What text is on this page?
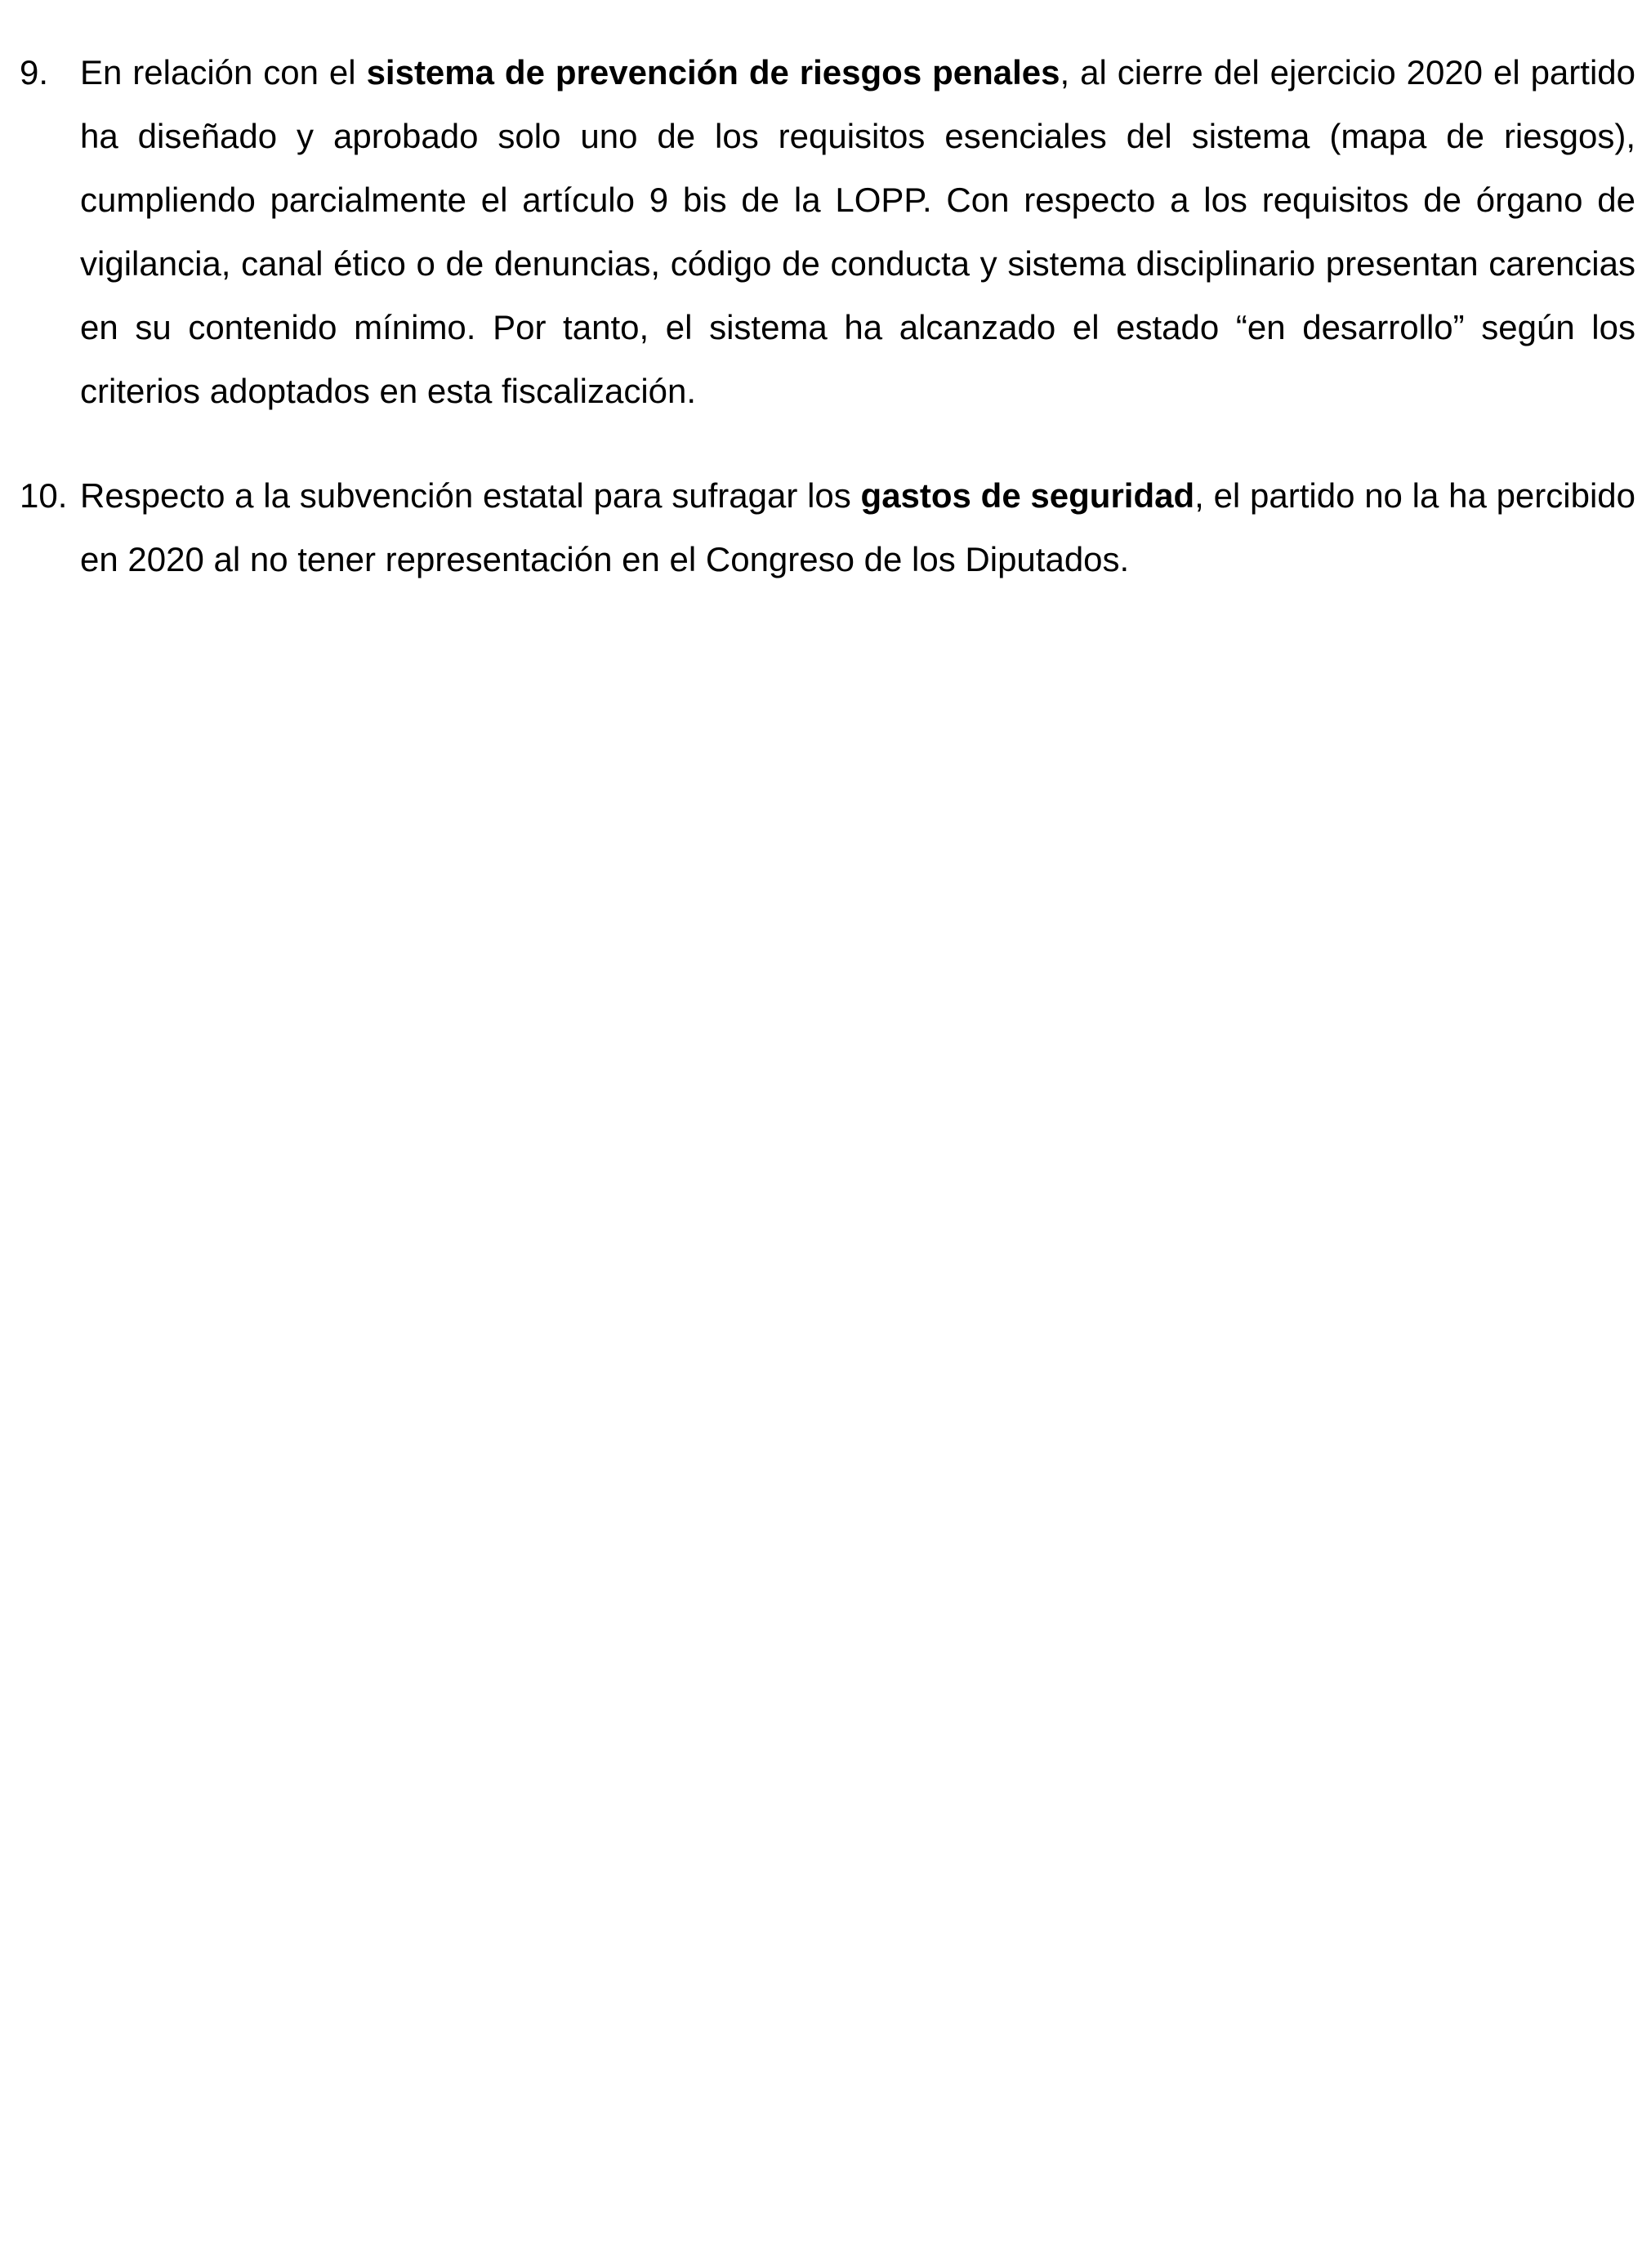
9. En relación con el sistema de prevención de riesgos penales, al cierre del ejercicio 2020 el partido ha diseñado y aprobado solo uno de los requisitos esenciales del sistema (mapa de riesgos), cumpliendo parcialmente el artículo 9 bis de la LOPP. Con respecto a los requisitos de órgano de vigilancia, canal ético o de denuncias, código de conducta y sistema disciplinario presentan carencias en su contenido mínimo. Por tanto, el sistema ha alcanzado el estado “en desarrollo” según los criterios adoptados en esta fiscalización.
10. Respecto a la subvención estatal para sufragar los gastos de seguridad, el partido no la ha percibido en 2020 al no tener representación en el Congreso de los Diputados.
